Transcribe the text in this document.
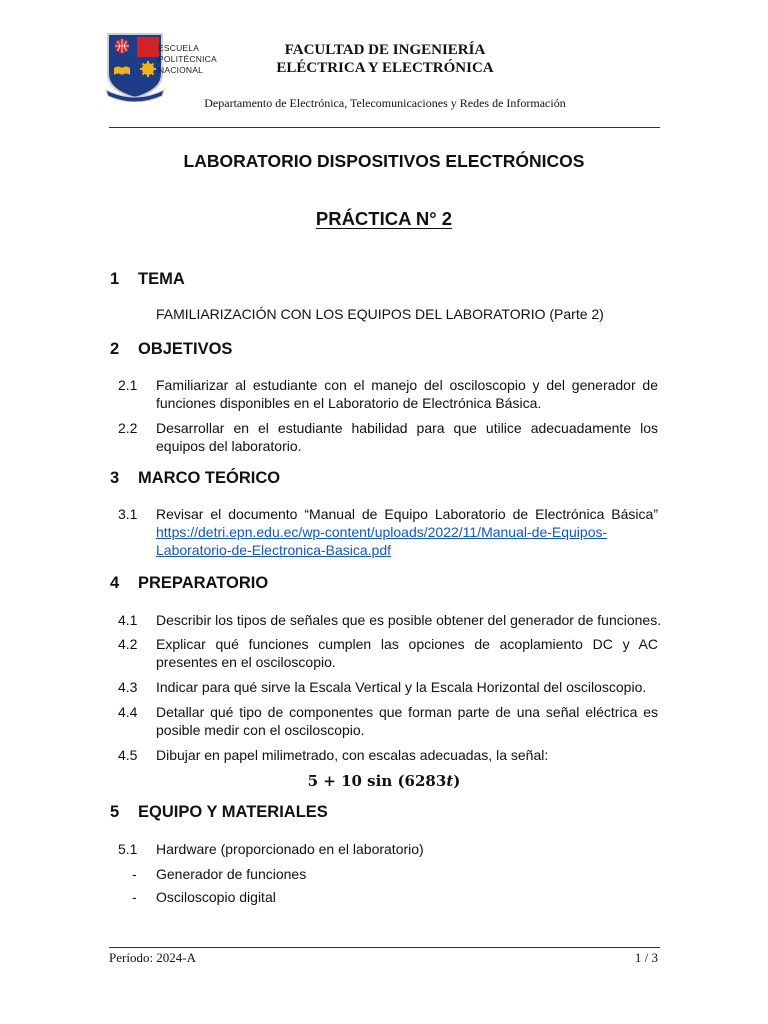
ESCUELA
POLITÉCNICA
NACIONAL
FACULTAD DE INGENIERÍA
ELÉCTRICA Y ELECTRÓNICA
Departamento de Electrónica, Telecomunicaciones y Redes de Información
LABORATORIO DISPOSITIVOS ELECTRÓNICOS
PRÁCTICA N° 2
1 TEMA
FAMILIARIZACIÓN CON LOS EQUIPOS DEL LABORATORIO (Parte 2)
2 OBJETIVOS
2.1 Familiarizar al estudiante con el manejo del osciloscopio y del generador de
funciones disponibles en el Laboratorio de Electrónica Básica.
2.2 Desarrollar en el estudiante habilidad para que utilice adecuadamente los
equipos del laboratorio.
3 MARCO TEÓRICO
3.1 Revisar el documento “Manual de Equipo Laboratorio de Electrónica Básica”
https://detri.epn.edu.ec/wp-content/uploads/2022/11/Manual-de-Equipos-
Laboratorio-de-Electronica-Basica.pdf
4 PREPARATORIO
4.1 Describir los tipos de señales que es posible obtener del generador de funciones.
4.2 Explicar qué funciones cumplen las opciones de acoplamiento DC y AC
presentes en el osciloscopio.
4.3 Indicar para qué sirve la Escala Vertical y la Escala Horizontal del osciloscopio.
4.4 Detallar qué tipo de componentes que forman parte de una señal eléctrica es
posible medir con el osciloscopio.
4.5 Dibujar en papel milimetrado, con escalas adecuadas, la señal:
5 + 10 sin (6283t)
5 EQUIPO Y MATERIALES
5.1 Hardware (proporcionado en el laboratorio)
- Generador de funciones
- Osciloscopio digital
Período: 2024-A	1 / 3
